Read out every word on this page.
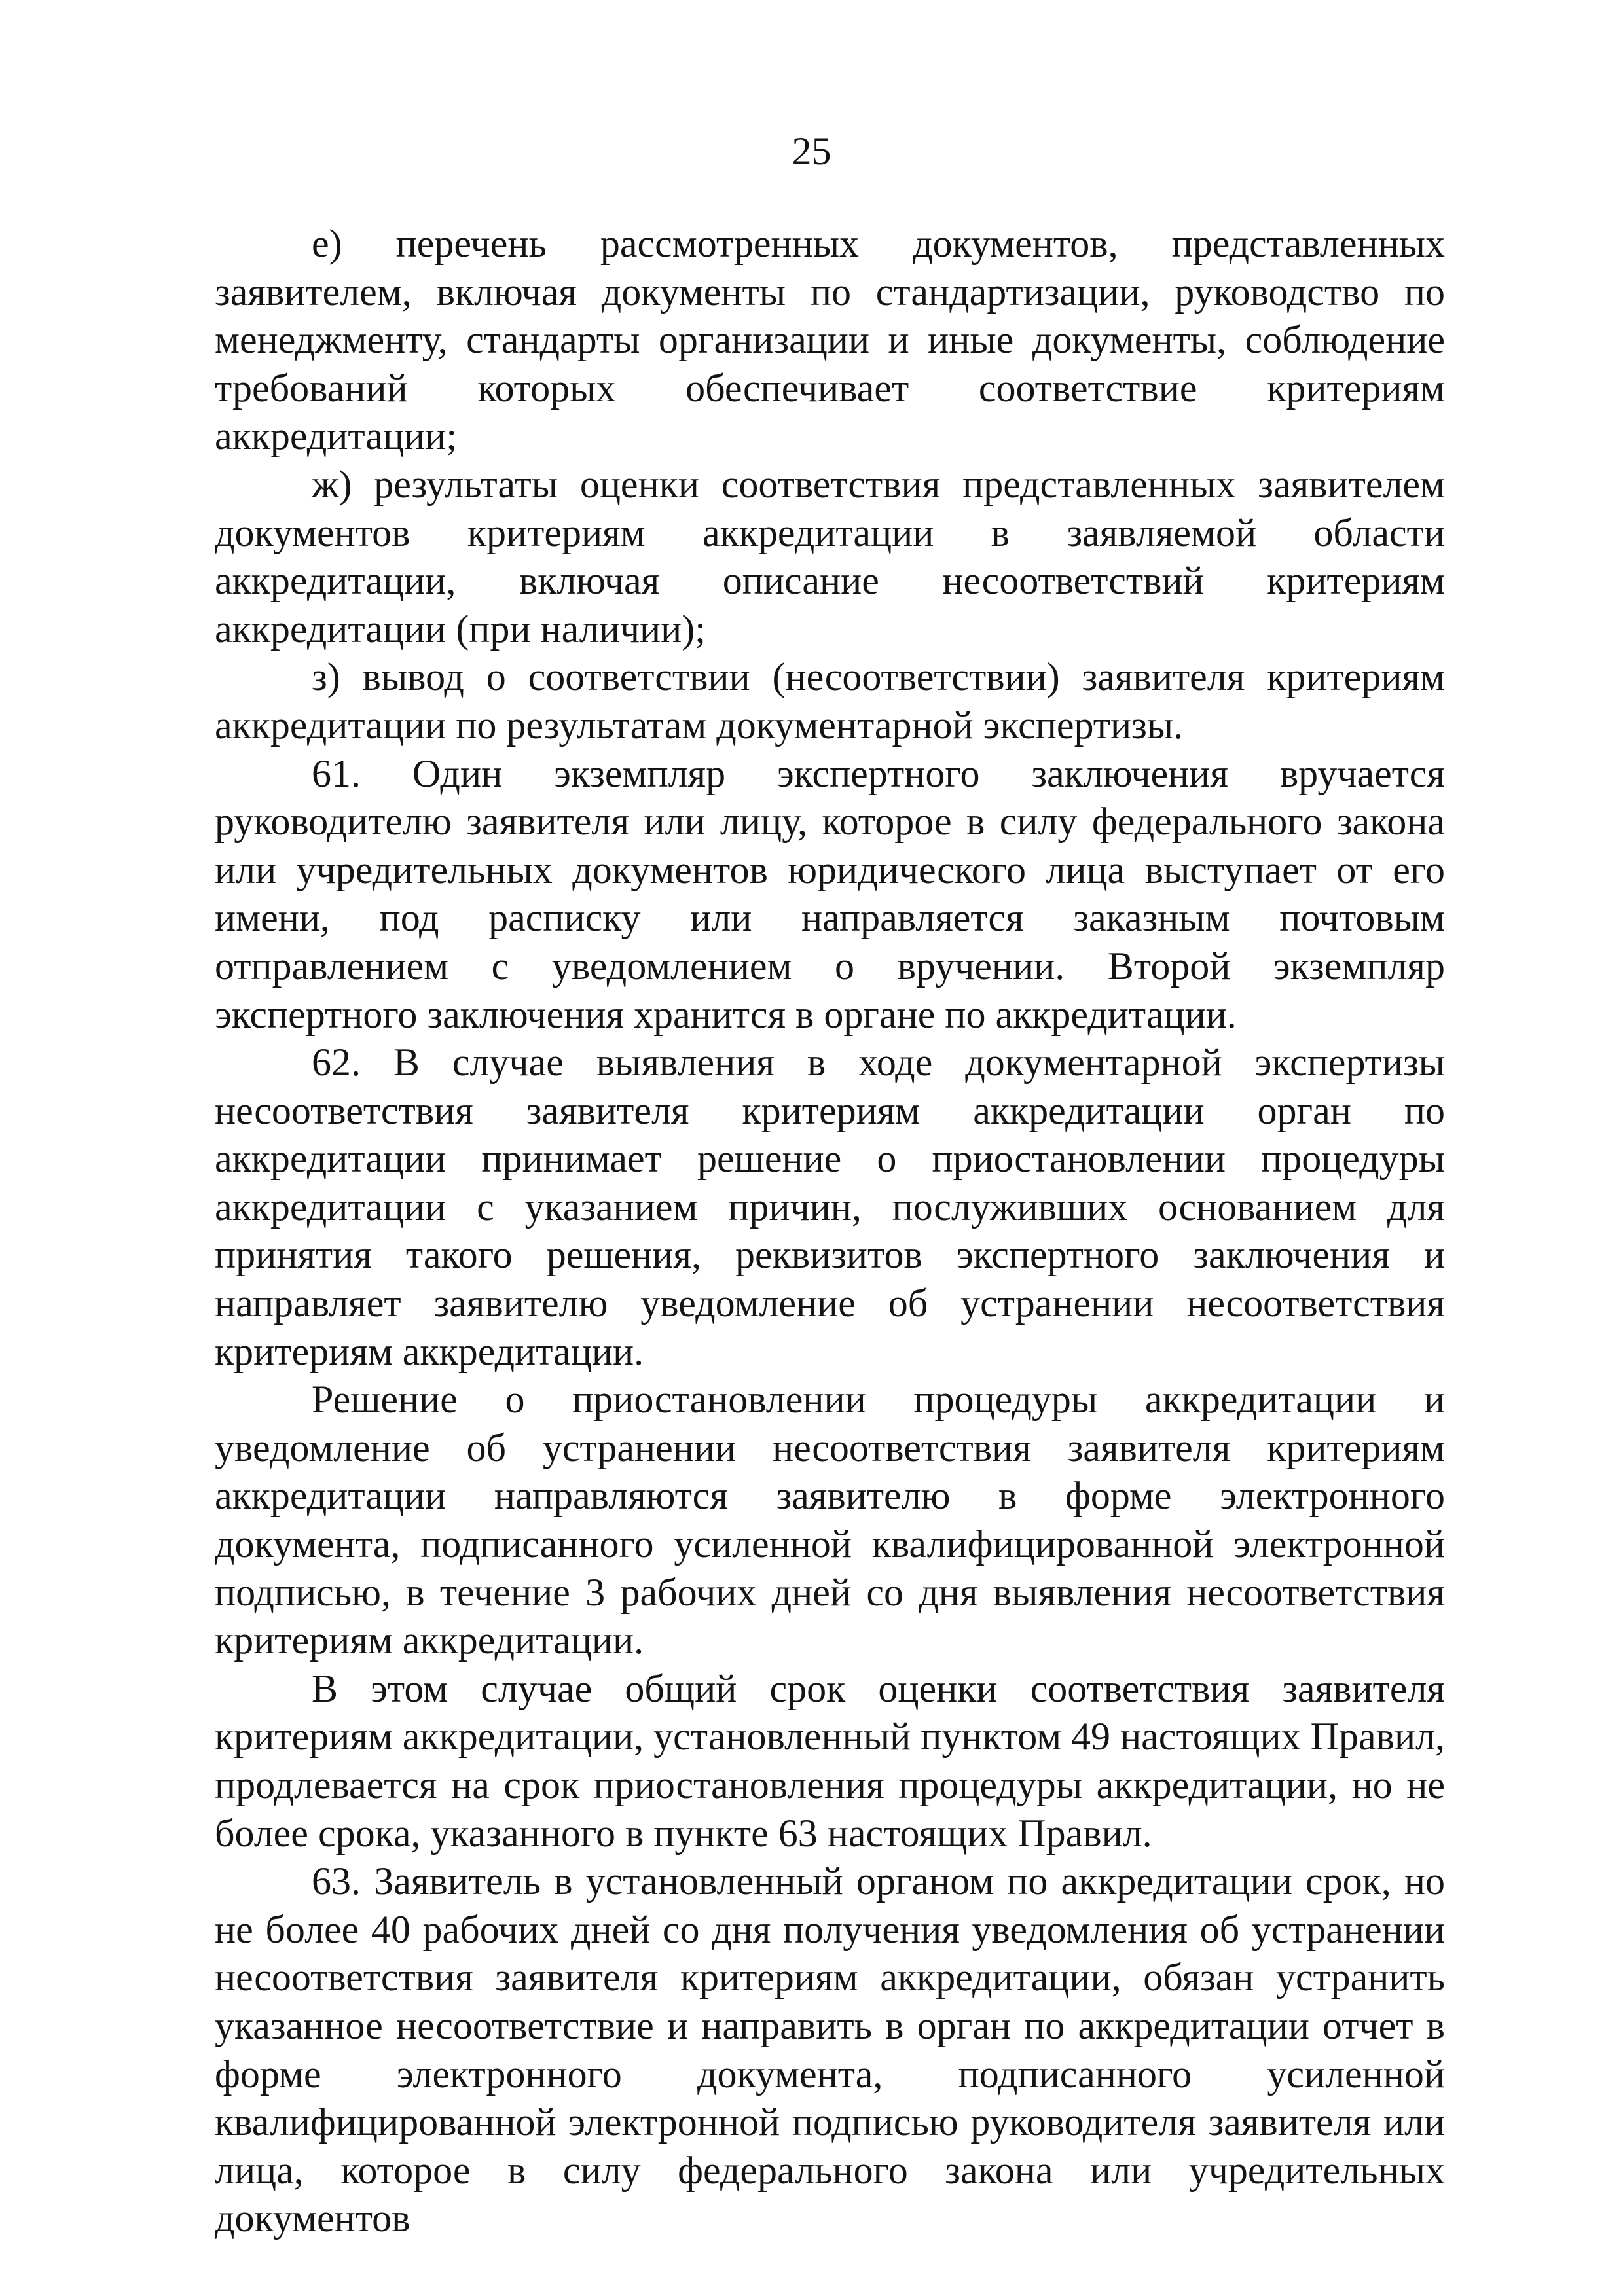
25

е) перечень рассмотренных документов, представленных заявителем, включая документы по стандартизации, руководство по менеджменту, стандарты организации и иные документы, соблюдение требований которых обеспечивает соответствие критериям аккредитации;

ж) результаты оценки соответствия представленных заявителем документов критериям аккредитации в заявляемой области аккредитации, включая описание несоответствий критериям аккредитации (при наличии);

з) вывод о соответствии (несоответствии) заявителя критериям аккредитации по результатам документарной экспертизы.

61. Один экземпляр экспертного заключения вручается руководителю заявителя или лицу, которое в силу федерального закона или учредительных документов юридического лица выступает от его имени, под расписку или направляется заказным почтовым отправлением с уведомлением о вручении. Второй экземпляр экспертного заключения хранится в органе по аккредитации.

62. В случае выявления в ходе документарной экспертизы несоответствия заявителя критериям аккредитации орган по аккредитации принимает решение о приостановлении процедуры аккредитации с указанием причин, послуживших основанием для принятия такого решения, реквизитов экспертного заключения и направляет заявителю уведомление об устранении несоответствия критериям аккредитации.

Решение о приостановлении процедуры аккредитации и уведомление об устранении несоответствия заявителя критериям аккредитации направляются заявителю в форме электронного документа, подписанного усиленной квалифицированной электронной подписью, в течение 3 рабочих дней со дня выявления несоответствия критериям аккредитации.

В этом случае общий срок оценки соответствия заявителя критериям аккредитации, установленный пунктом 49 настоящих Правил, продлевается на срок приостановления процедуры аккредитации, но не более срока, указанного в пункте 63 настоящих Правил.

63. Заявитель в установленный органом по аккредитации срок, но не более 40 рабочих дней со дня получения уведомления об устранении несоответствия заявителя критериям аккредитации, обязан устранить указанное несоответствие и направить в орган по аккредитации отчет в форме электронного документа, подписанного усиленной квалифицированной электронной подписью руководителя заявителя или лица, которое в силу федерального закона или учредительных документов
